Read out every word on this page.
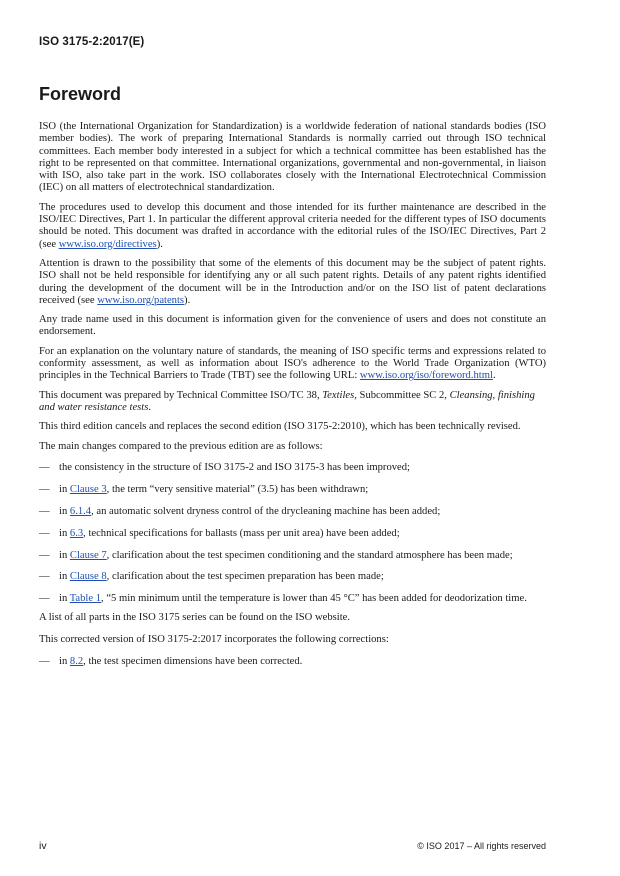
ISO 3175-2:2017(E)
Foreword

ISO (the International Organization for Standardization) is a worldwide federation of national standards bodies (ISO member bodies). The work of preparing International Standards is normally carried out through ISO technical committees. Each member body interested in a subject for which a technical committee has been established has the right to be represented on that committee. International organizations, governmental and non-governmental, in liaison with ISO, also take part in the work. ISO collaborates closely with the International Electrotechnical Commission (IEC) on all matters of electrotechnical standardization.

The procedures used to develop this document and those intended for its further maintenance are described in the ISO/IEC Directives, Part 1. In particular the different approval criteria needed for the different types of ISO documents should be noted. This document was drafted in accordance with the editorial rules of the ISO/IEC Directives, Part 2 (see www.iso.org/directives).

Attention is drawn to the possibility that some of the elements of this document may be the subject of patent rights. ISO shall not be held responsible for identifying any or all such patent rights. Details of any patent rights identified during the development of the document will be in the Introduction and/or on the ISO list of patent declarations received (see www.iso.org/patents).

Any trade name used in this document is information given for the convenience of users and does not constitute an endorsement.

For an explanation on the voluntary nature of standards, the meaning of ISO specific terms and expressions related to conformity assessment, as well as information about ISO's adherence to the World Trade Organization (WTO) principles in the Technical Barriers to Trade (TBT) see the following URL: www.iso.org/iso/foreword.html.

This document was prepared by Technical Committee ISO/TC 38, Textiles, Subcommittee SC 2, Cleansing, finishing and water resistance tests.

This third edition cancels and replaces the second edition (ISO 3175-2:2010), which has been technically revised.

The main changes compared to the previous edition are as follows:

— the consistency in the structure of ISO 3175-2 and ISO 3175-3 has been improved;
— in Clause 3, the term “very sensitive material” (3.5) has been withdrawn;
— in 6.1.4, an automatic solvent dryness control of the drycleaning machine has been added;
— in 6.3, technical specifications for ballasts (mass per unit area) have been added;
— in Clause 7, clarification about the test specimen conditioning and the standard atmosphere has been made;
— in Clause 8, clarification about the test specimen preparation has been made;
— in Table 1, “5 min minimum until the temperature is lower than 45 °C” has been added for deodorization time.

A list of all parts in the ISO 3175 series can be found on the ISO website.

This corrected version of ISO 3175-2:2017 incorporates the following corrections:

— in 8.2, the test specimen dimensions have been corrected.
iv	© ISO 2017 – All rights reserved
